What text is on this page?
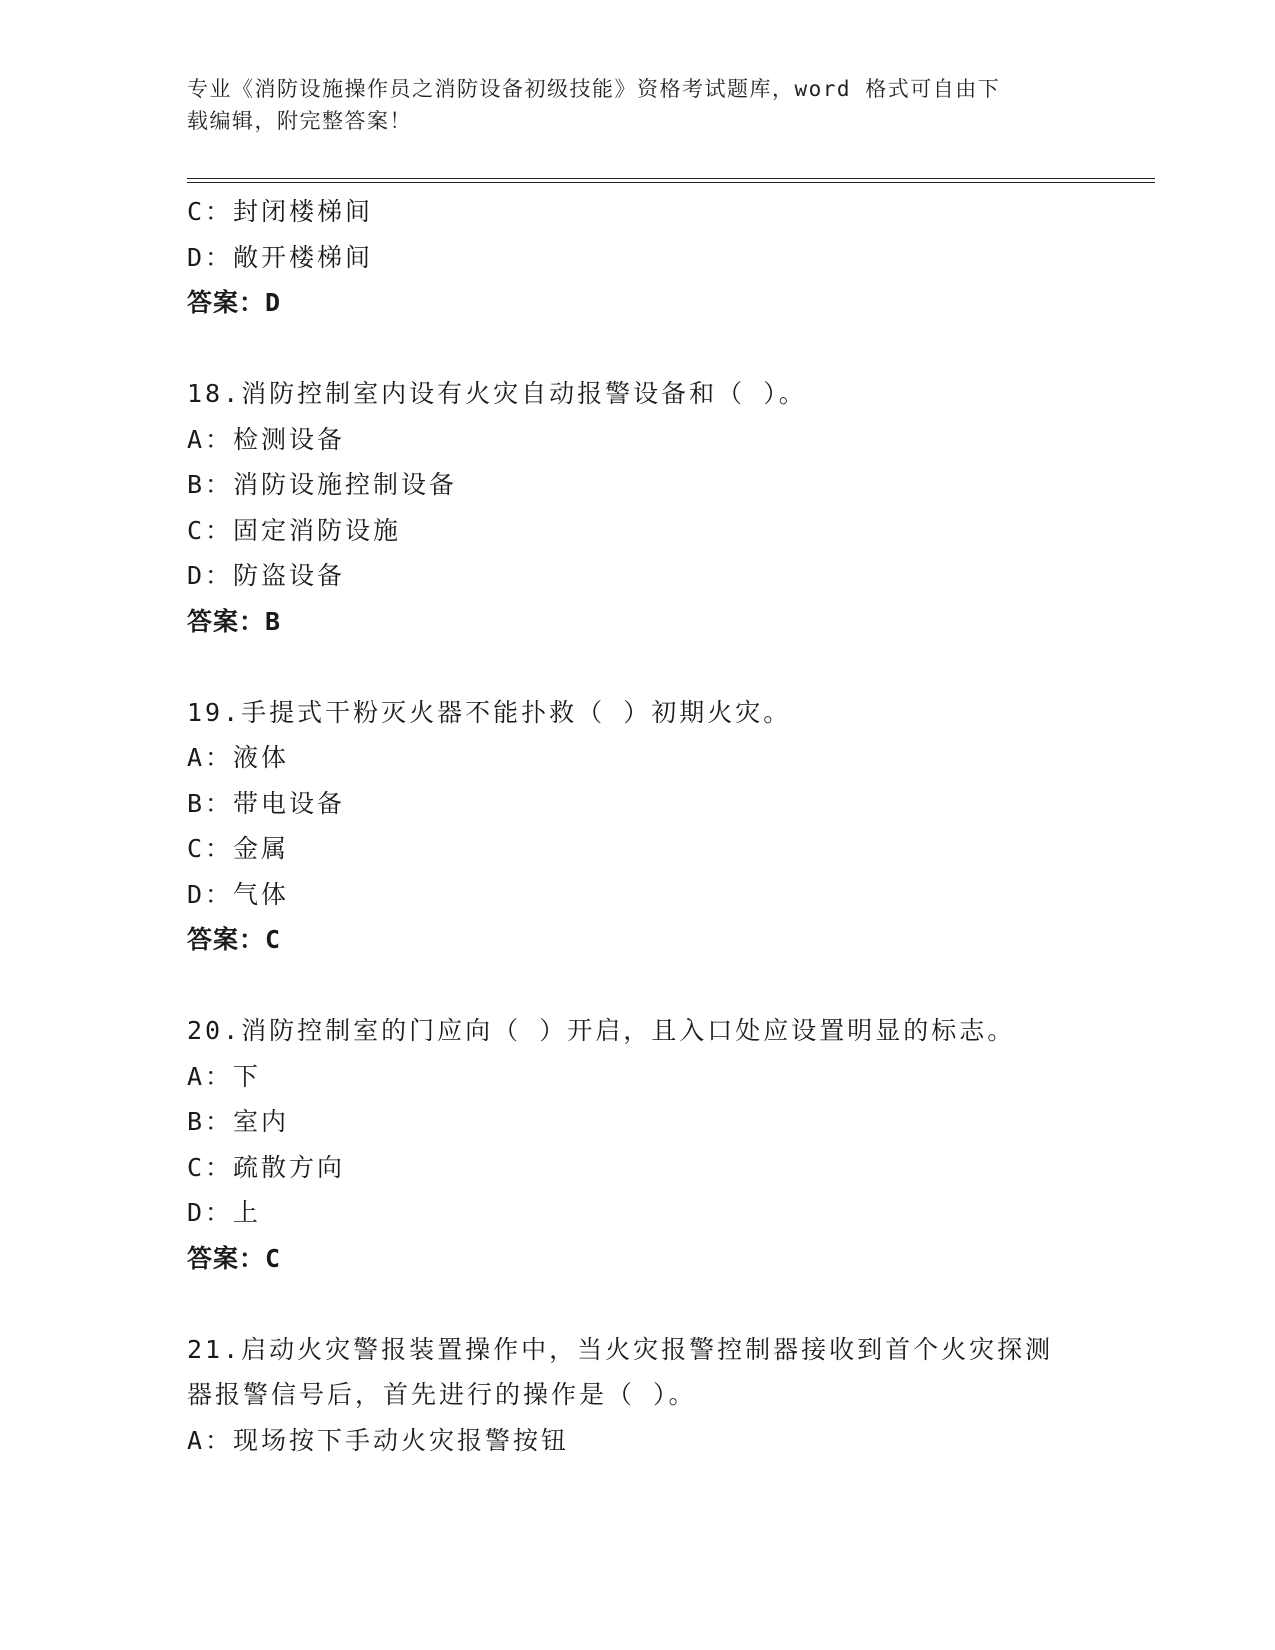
专业《消防设施操作员之消防设备初级技能》资格考试题库，word 格式可自由下
载编辑，附完整答案！
C：封闭楼梯间
D：敞开楼梯间
答案：D
18.消防控制室内设有火灾自动报警设备和（ ）。
A：检测设备
B：消防设施控制设备
C：固定消防设施
D：防盗设备
答案：B
19.手提式干粉灭火器不能扑救（ ）初期火灾。
A：液体
B：带电设备
C：金属
D：气体
答案：C
20.消防控制室的门应向（ ）开启，且入口处应设置明显的标志。
A：下
B：室内
C：疏散方向
D：上
答案：C
21.启动火灾警报装置操作中，当火灾报警控制器接收到首个火灾探测
器报警信号后，首先进行的操作是（ ）。
A：现场按下手动火灾报警按钮
